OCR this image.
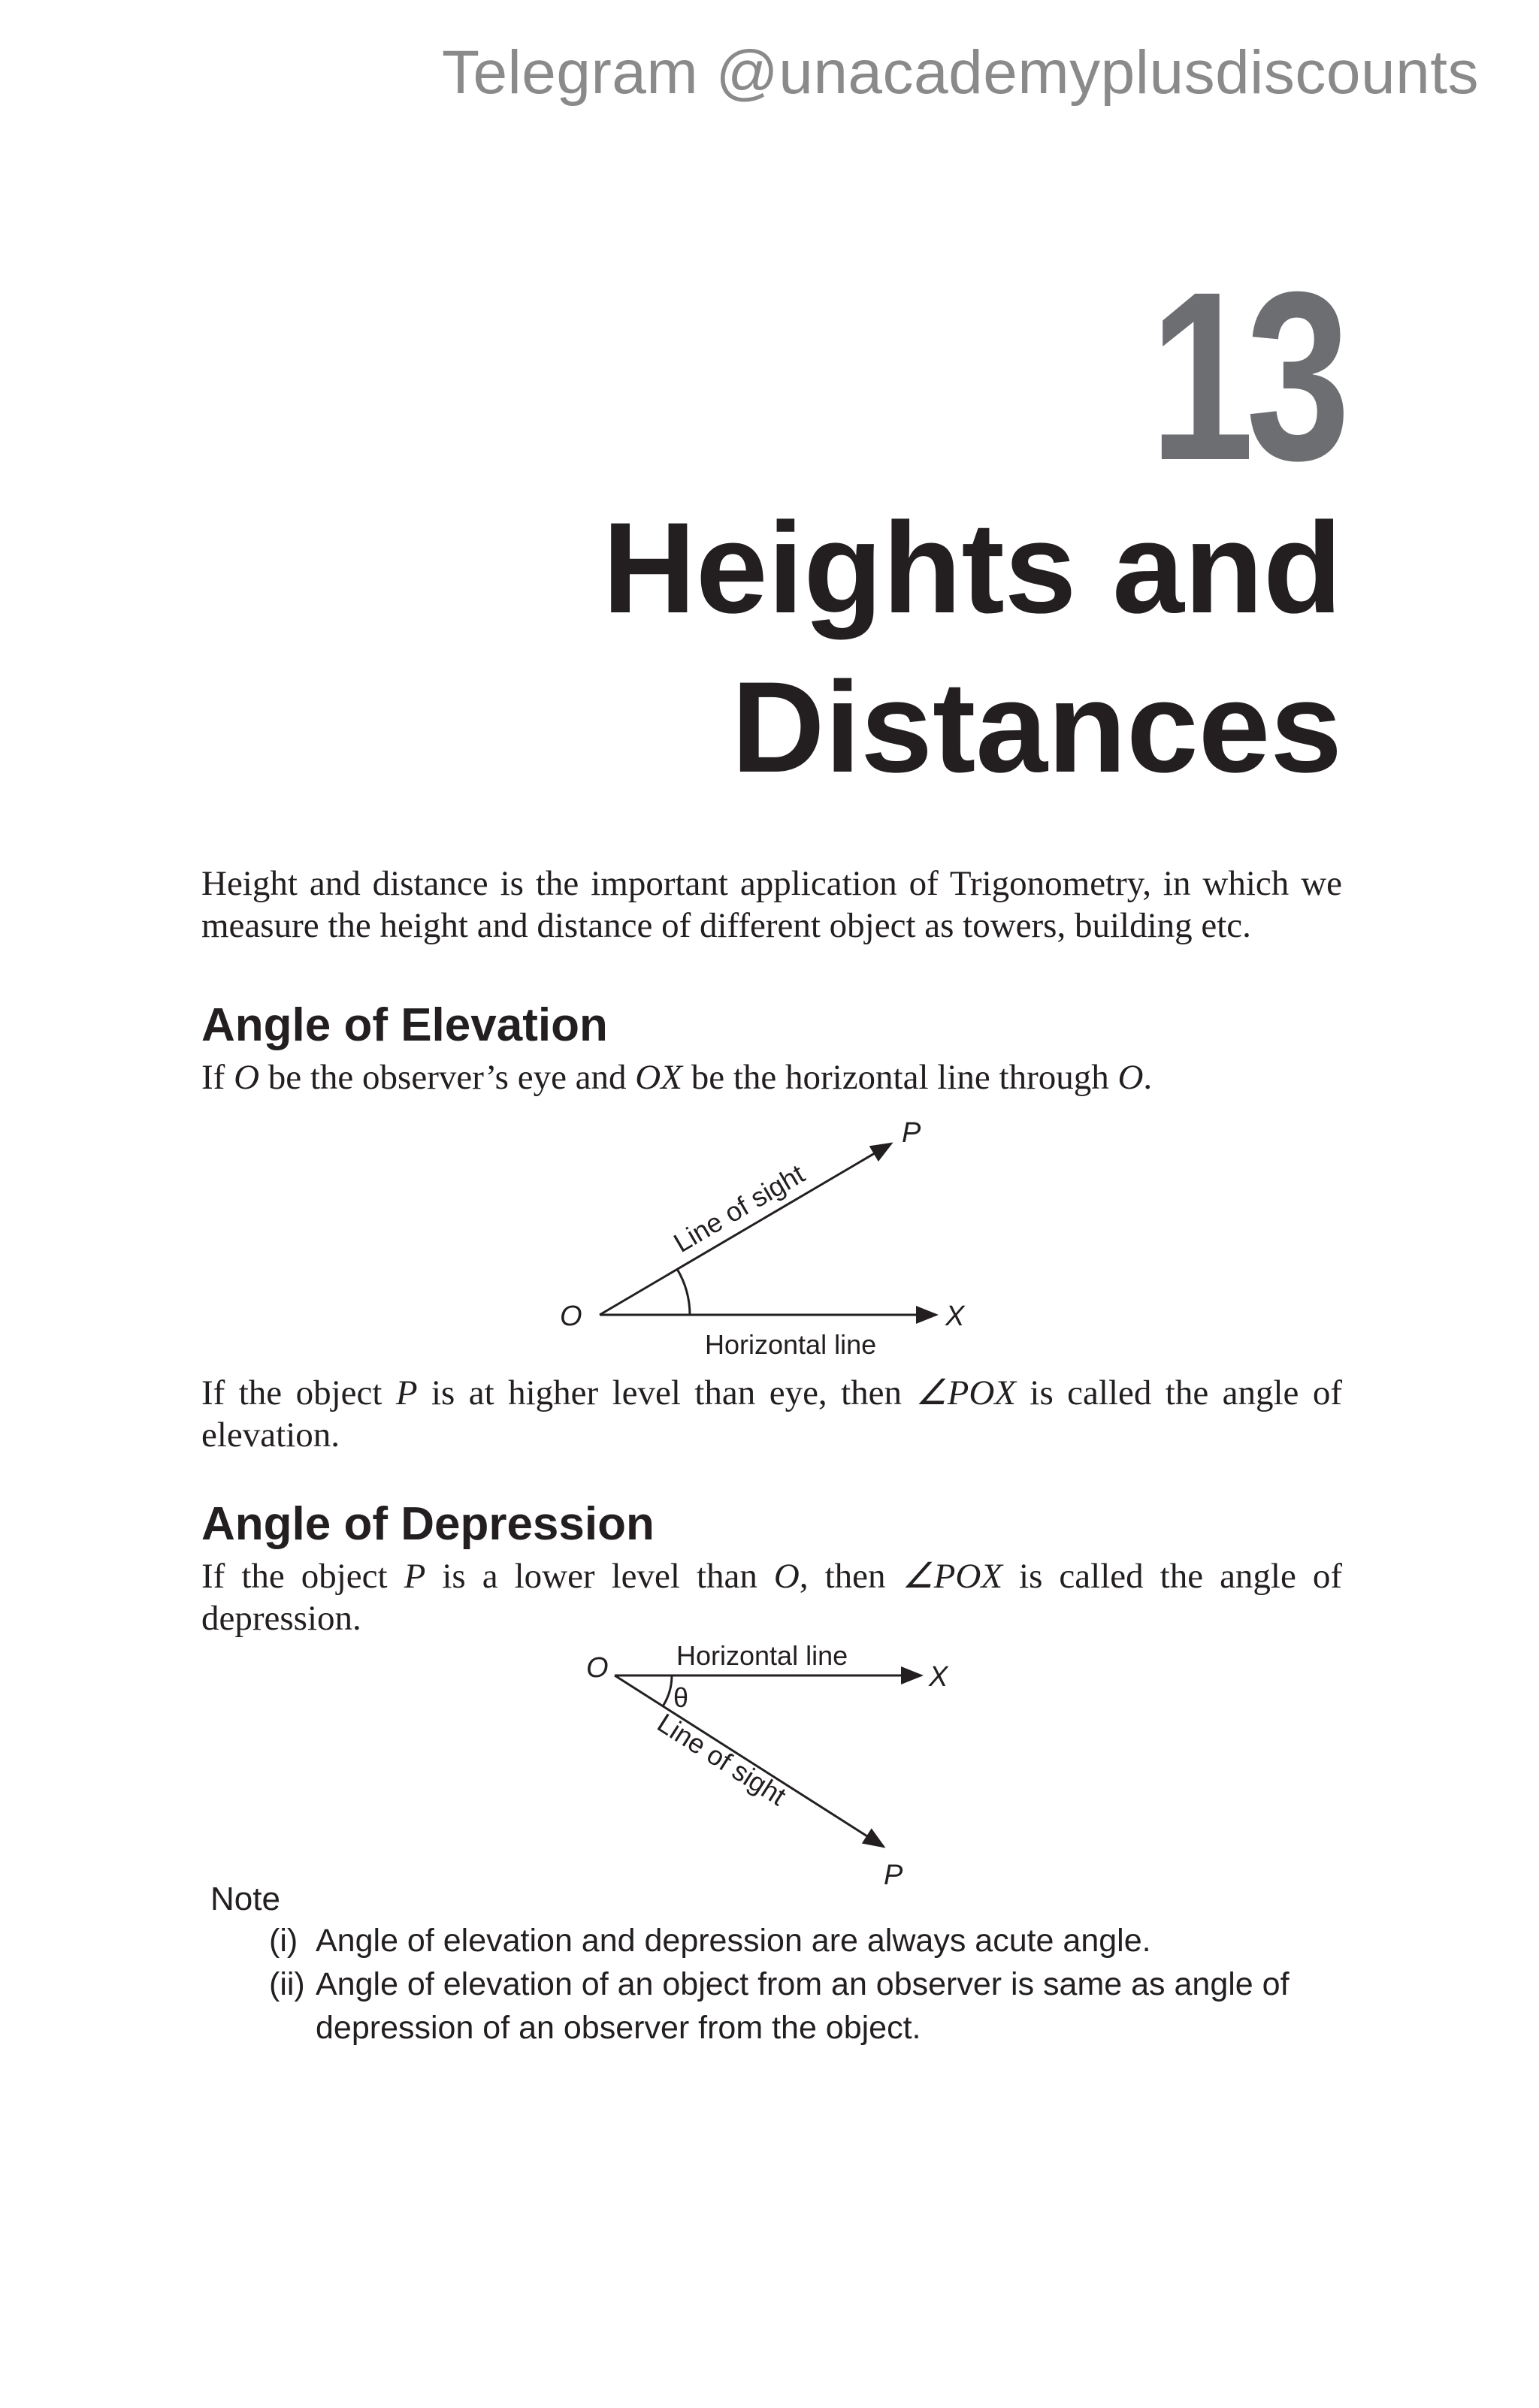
Telegram @unacademyplusdiscounts
13
Heights and
Distances

Height and distance is the important application of Trigonometry, in which we measure the height and distance of different object as towers, building etc.

Angle of Elevation

If O be the observer’s eye and OX be the horizontal line through O.

P
O	X
Line of sight
Horizontal line

If the object P is at higher level than eye, then ∠POX is called the angle of elevation.

Angle of Depression

If the object P is a lower level than O, then ∠POX is called the angle of depression.

O	X
P
θ
Horizontal line
Line of sight

Note

(i) Angle of elevation and depression are always acute angle.
(ii) Angle of elevation of an object from an observer is same as angle of depression of an observer from the object.
